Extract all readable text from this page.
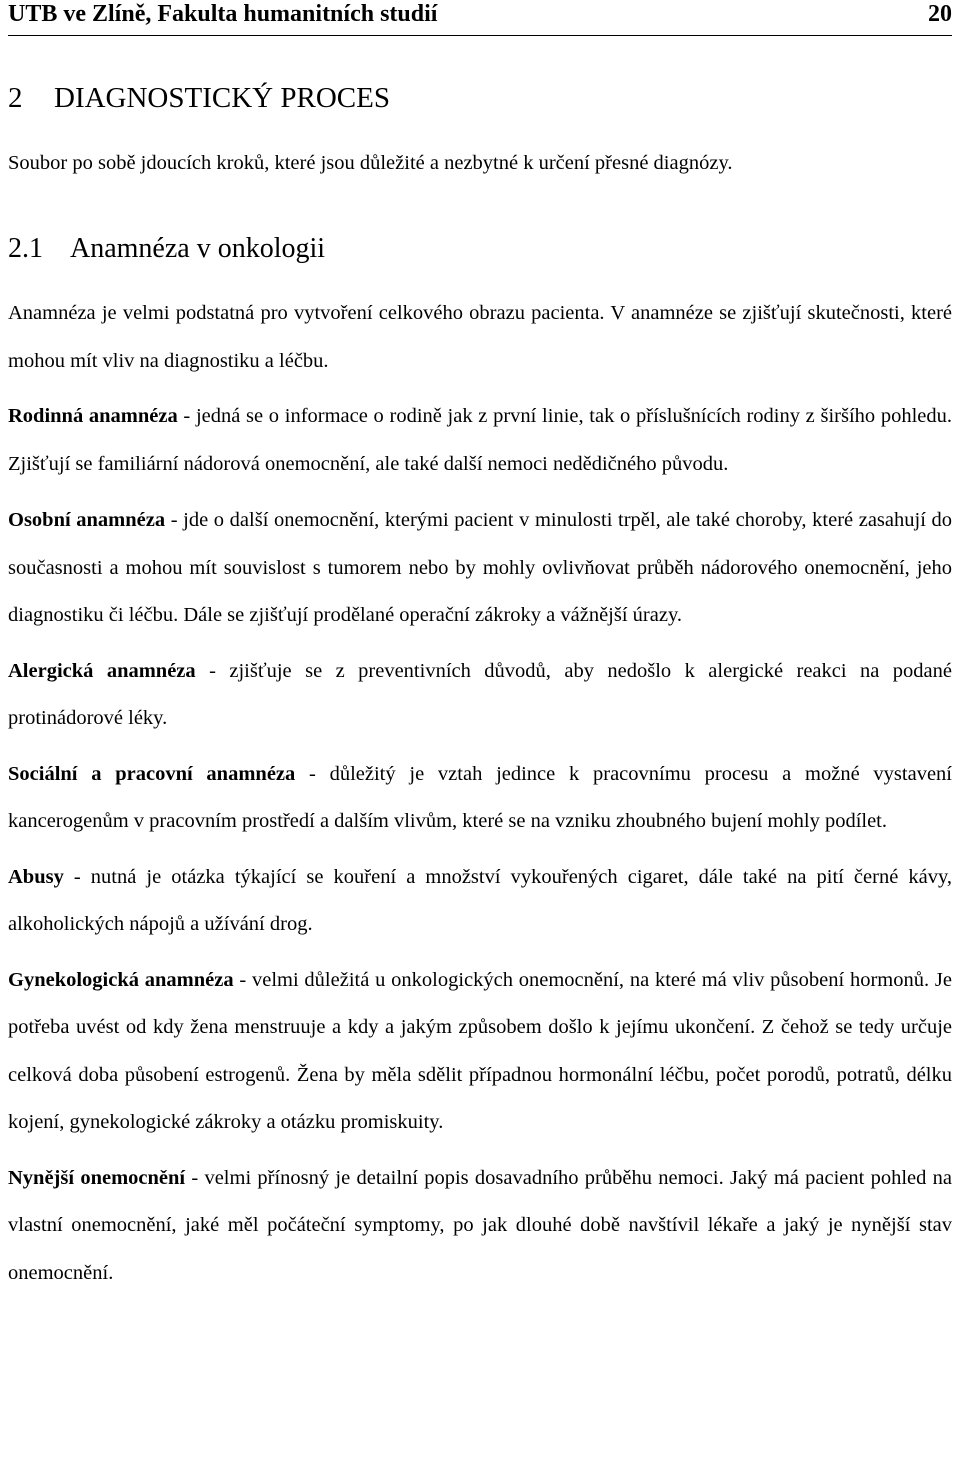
UTB ve Zlíně, Fakulta humanitních studií	20
2 DIAGNOSTICKÝ PROCES

Soubor po sobě jdoucích kroků, které jsou důležité a nezbytné k určení přesné diagnózy.

2.1 Anamnéza v onkologii

Anamnéza je velmi podstatná pro vytvoření celkového obrazu pacienta. V anamnéze se zjišťují skutečnosti, které mohou mít vliv na diagnostiku a léčbu.

Rodinná anamnéza - jedná se o informace o rodině jak z první linie, tak o příslušnících rodiny z širšího pohledu. Zjišťují se familiární nádorová onemocnění, ale také další nemoci nedědičného původu.

Osobní anamnéza - jde o další onemocnění, kterými pacient v minulosti trpěl, ale také choroby, které zasahují do současnosti a mohou mít souvislost s tumorem nebo by mohly ovlivňovat průběh nádorového onemocnění, jeho diagnostiku či léčbu. Dále se zjišťují prodělané operační zákroky a vážnější úrazy.

Alergická anamnéza - zjišťuje se z preventivních důvodů, aby nedošlo k alergické reakci na podané protinádorové léky.

Sociální a pracovní anamnéza - důležitý je vztah jedince k pracovnímu procesu a možné vystavení kancerogenům v pracovním prostředí a dalším vlivům, které se na vzniku zhoubného bujení mohly podílet.

Abusy - nutná je otázka týkající se kouření a množství vykouřených cigaret, dále také na pití černé kávy, alkoholických nápojů a užívání drog.

Gynekologická anamnéza - velmi důležitá u onkologických onemocnění, na které má vliv působení hormonů. Je potřeba uvést od kdy žena menstruuje a kdy a jakým způsobem došlo k jejímu ukončení. Z čehož se tedy určuje celková doba působení estrogenů. Žena by měla sdělit případnou hormonální léčbu, počet porodů, potratů, délku kojení, gynekologické zákroky a otázku promiskuity.

Nynější onemocnění - velmi přínosný je detailní popis dosavadního průběhu nemoci. Jaký má pacient pohled na vlastní onemocnění, jaké měl počáteční symptomy, po jak dlouhé době navštívil lékaře a jaký je nynější stav onemocnění.
